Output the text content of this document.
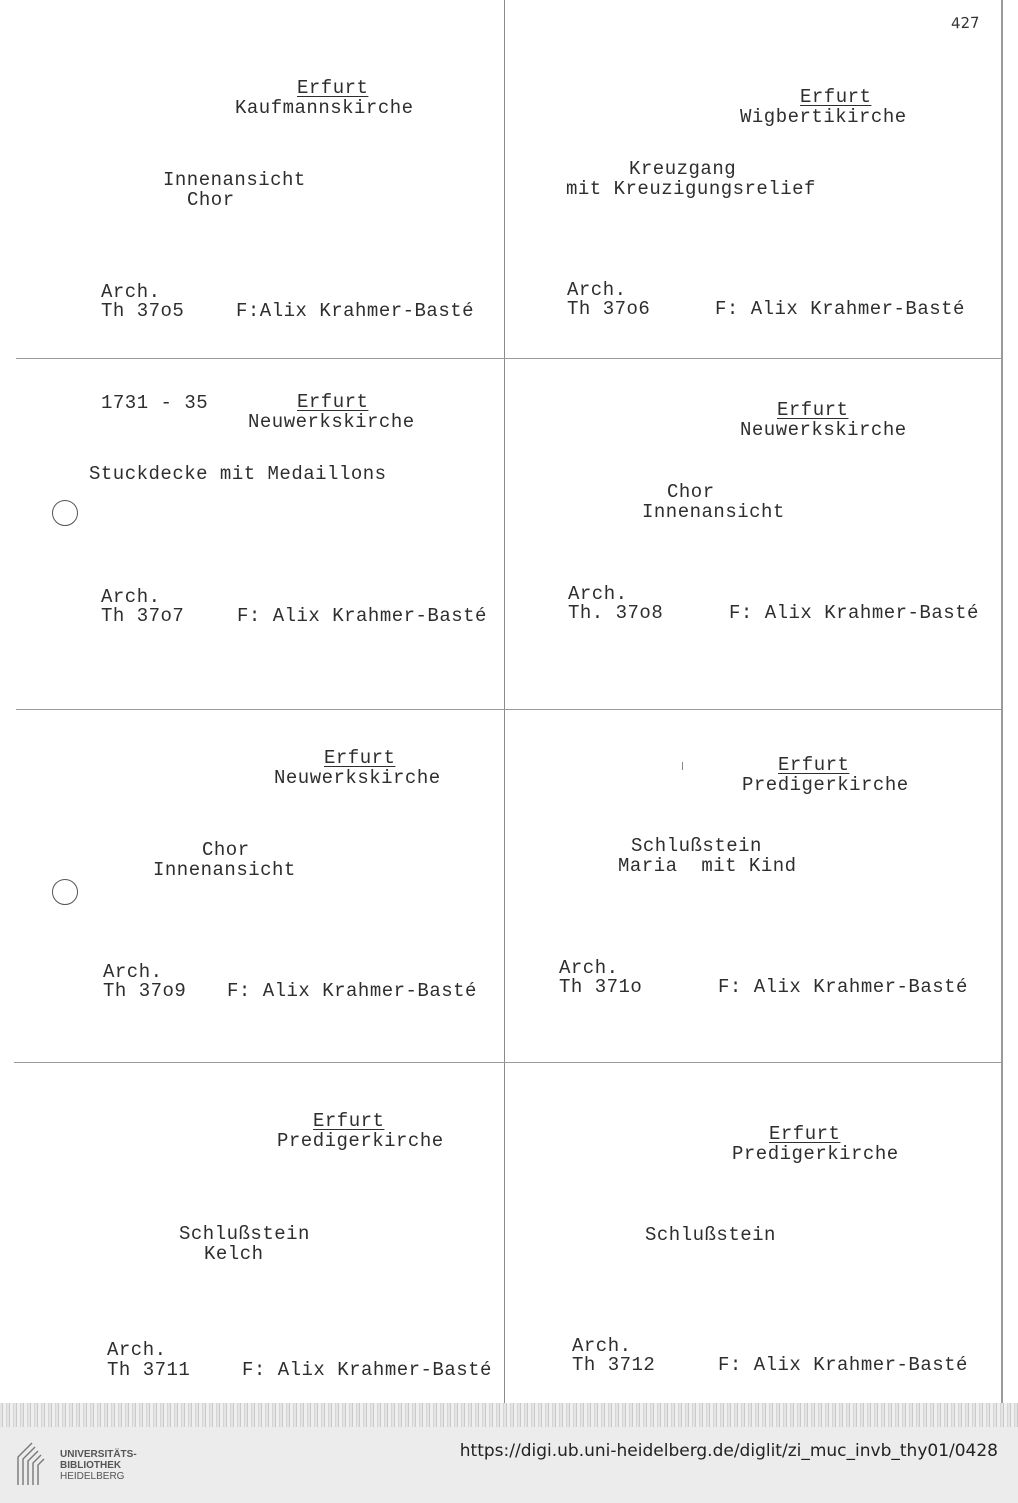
427
Erfurt
Kaufmannskirche
Innenansicht
Chor
Arch.
Th 37o5	F:Alix Krahmer-Basté
Erfurt
Wigbertikirche
Kreuzgang
mit Kreuzigungsrelief
Arch.
Th 37o6	F: Alix Krahmer-Basté
1731 - 35	Erfurt
Neuwerkskirche
Stuckdecke mit Medaillons
Arch.
Th 37o7	F: Alix Krahmer-Basté
Erfurt
Neuwerkskirche
Chor
Innenansicht
Arch.
Th. 37o8	F: Alix Krahmer-Basté
Erfurt
Neuwerkskirche
Chor
Innenansicht
Arch.
Th 37o9 F: Alix Krahmer-Basté
Erfurt
Predigerkirche
Schlußstein
Maria  mit Kind
Arch.
Th 371o	F: Alix Krahmer-Basté
Erfurt
Predigerkirche
Schlußstein
Kelch
Arch.
Th 3711	F: Alix Krahmer-Basté
Erfurt
Predigerkirche
Schlußstein
Arch.
Th 3712	F: Alix Krahmer-Basté
UNIVERSITÄTS-
BIBLIOTHEK
HEIDELBERG
https://digi.ub.uni-heidelberg.de/diglit/zi_muc_invb_thy01/0428
